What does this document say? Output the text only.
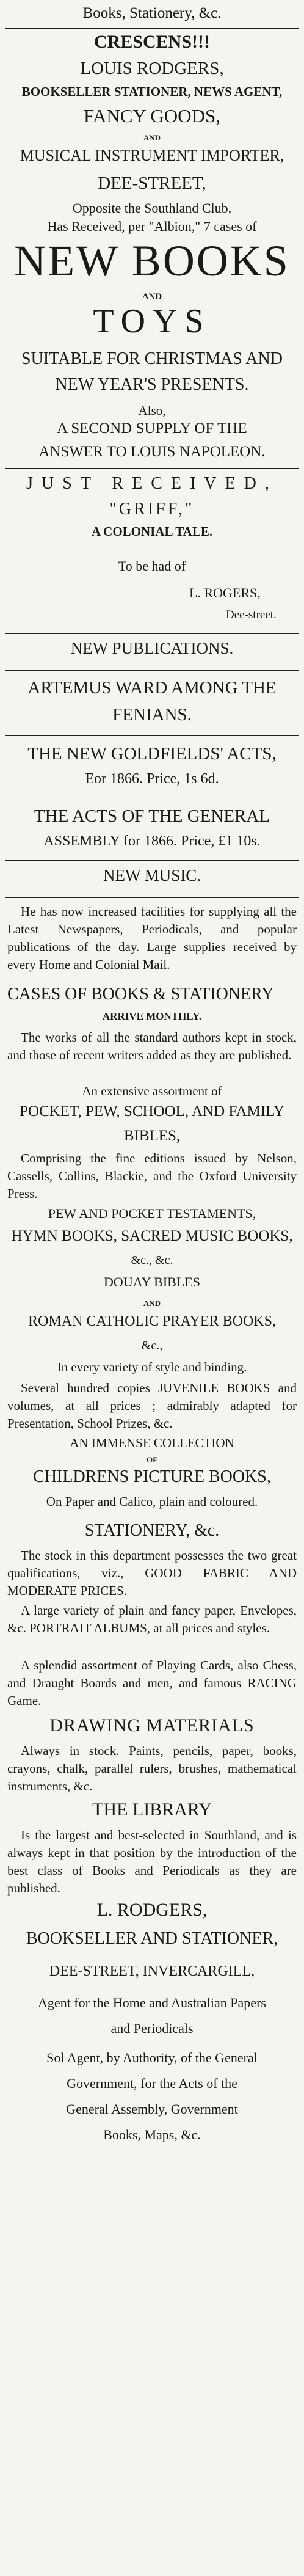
Books, Stationery, &c.
CRESCENS!!!
LOUIS RODGERS,
BOOKSELLER STATIONER, NEWS AGENT,
FANCY GOODS,
AND
MUSICAL INSTRUMENT IMPORTER,
DEE-STREET,
Opposite the Southland Club,
Has Received, per "Albion," 7 cases of
NEW BOOKS
AND
TOYS
SUITABLE FOR CHRISTMAS AND
NEW YEAR'S PRESENTS.
Also,
A SECOND SUPPLY OF THE
ANSWER TO LOUIS NAPOLEON.
JUST RECEIVED,
"GRIFF,"
A COLONIAL TALE.
To be had of
L. ROGERS,
Dee-street.
NEW PUBLICATIONS.
ARTEMUS WARD AMONG THE
FENIANS.
THE NEW GOLDFIELDS' ACTS,
Eor 1866. Price, 1s 6d.
THE ACTS OF THE GENERAL
ASSEMBLY for 1866. Price, £1 10s.
NEW MUSIC.

He has now increased facilities for supplying all the Latest Newspapers, Periodicals, and popular publications of the day. Large supplies received by every Home and Colonial Mail.

CASES OF BOOKS & STATIONERY
ARRIVE MONTHLY.

The works of all the standard authors kept in stock, and those of recent writers added as they are published.

An extensive assortment of
POCKET, PEW, SCHOOL, AND FAMILY
BIBLES,

Comprising the fine editions issued by Nelson, Cassells, Collins, Blackie, and the Oxford University Press.

PEW AND POCKET TESTAMENTS,
HYMN BOOKS, SACRED MUSIC BOOKS,
&c., &c.
DOUAY BIBLES
AND
ROMAN CATHOLIC PRAYER BOOKS,
&c.,
In every variety of style and binding.

Several hundred copies JUVENILE BOOKS and volumes, at all prices ; admirably adapted for Presentation, School Prizes, &c.

AN IMMENSE COLLECTION
OF
CHILDRENS PICTURE BOOKS,
On Paper and Calico, plain and coloured.
STATIONERY, &c.

The stock in this department possesses the two great qualifications, viz., GOOD FABRIC AND MODERATE PRICES.

A large variety of plain and fancy paper, Envelopes, &c. PORTRAIT ALBUMS, at all prices and styles.

A splendid assortment of Playing Cards, also Chess, and Draught Boards and men, and famous RACING Game.

DRAWING MATERIALS

Always in stock. Paints, pencils, paper, books, crayons, chalk, parallel rulers, brushes, mathematical instruments, &c.

THE LIBRARY

Is the largest and best-selected in Southland, and is always kept in that position by the introduction of the best class of Books and Periodicals as they are published.

L. RODGERS,
BOOKSELLER AND STATIONER,
DEE-STREET, INVERCARGILL,
Agent for the Home and Australian Papers
and Periodicals
Sol Agent, by Authority, of the General
Government, for the Acts of the
General Assembly, Government
Books, Maps, &c.
